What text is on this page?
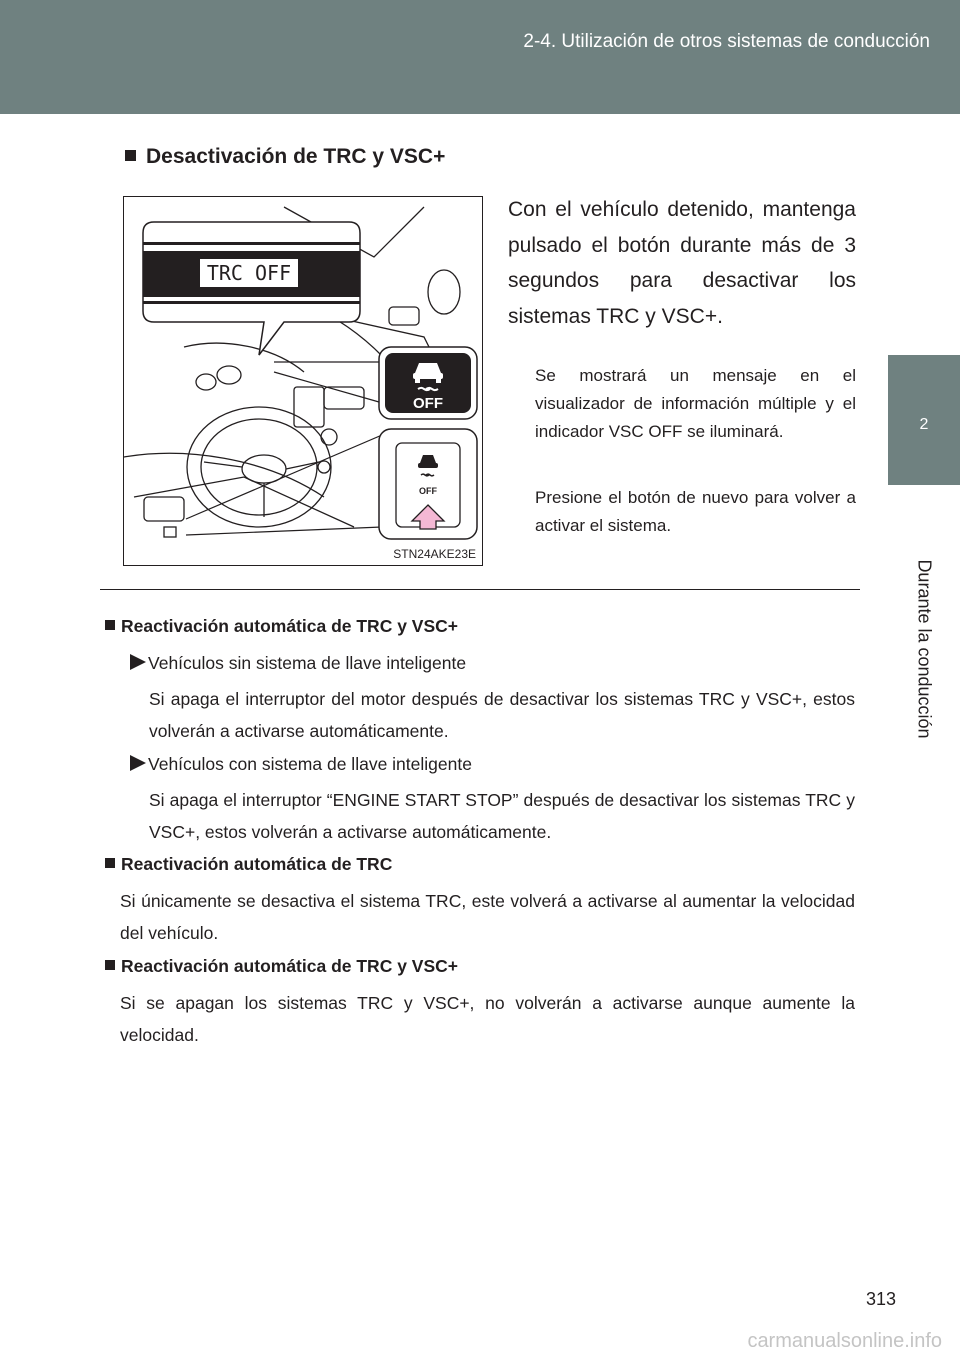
2-4. Utilización de otros sistemas de conducción
2
Durante la conducción
Desactivación de TRC y VSC+
TRC OFF
OFF
OFF
STN24AKE23E
Con el vehículo detenido, mantenga pulsado el botón durante más de 3 segundos para desactivar los sistemas TRC y VSC+.
Se mostrará un mensaje en el visualizador de información múltiple y el indicador VSC OFF se iluminará.
Presione el botón de nuevo para volver a activar el sistema.
Reactivación automática de TRC y VSC+
Vehículos sin sistema de llave inteligente
Si apaga el interruptor del motor después de desactivar los sistemas TRC y VSC+, estos volverán a activarse automáticamente.
Vehículos con sistema de llave inteligente
Si apaga el interruptor “ENGINE START STOP” después de desactivar los sistemas TRC y VSC+, estos volverán a activarse automáticamente.
Reactivación automática de TRC
Si únicamente se desactiva el sistema TRC, este volverá a activarse al aumentar la velocidad del vehículo.
Reactivación automática de TRC y VSC+
Si se apagan los sistemas TRC y VSC+, no volverán a activarse aunque aumente la velocidad.
313
carmanualsonline.info
